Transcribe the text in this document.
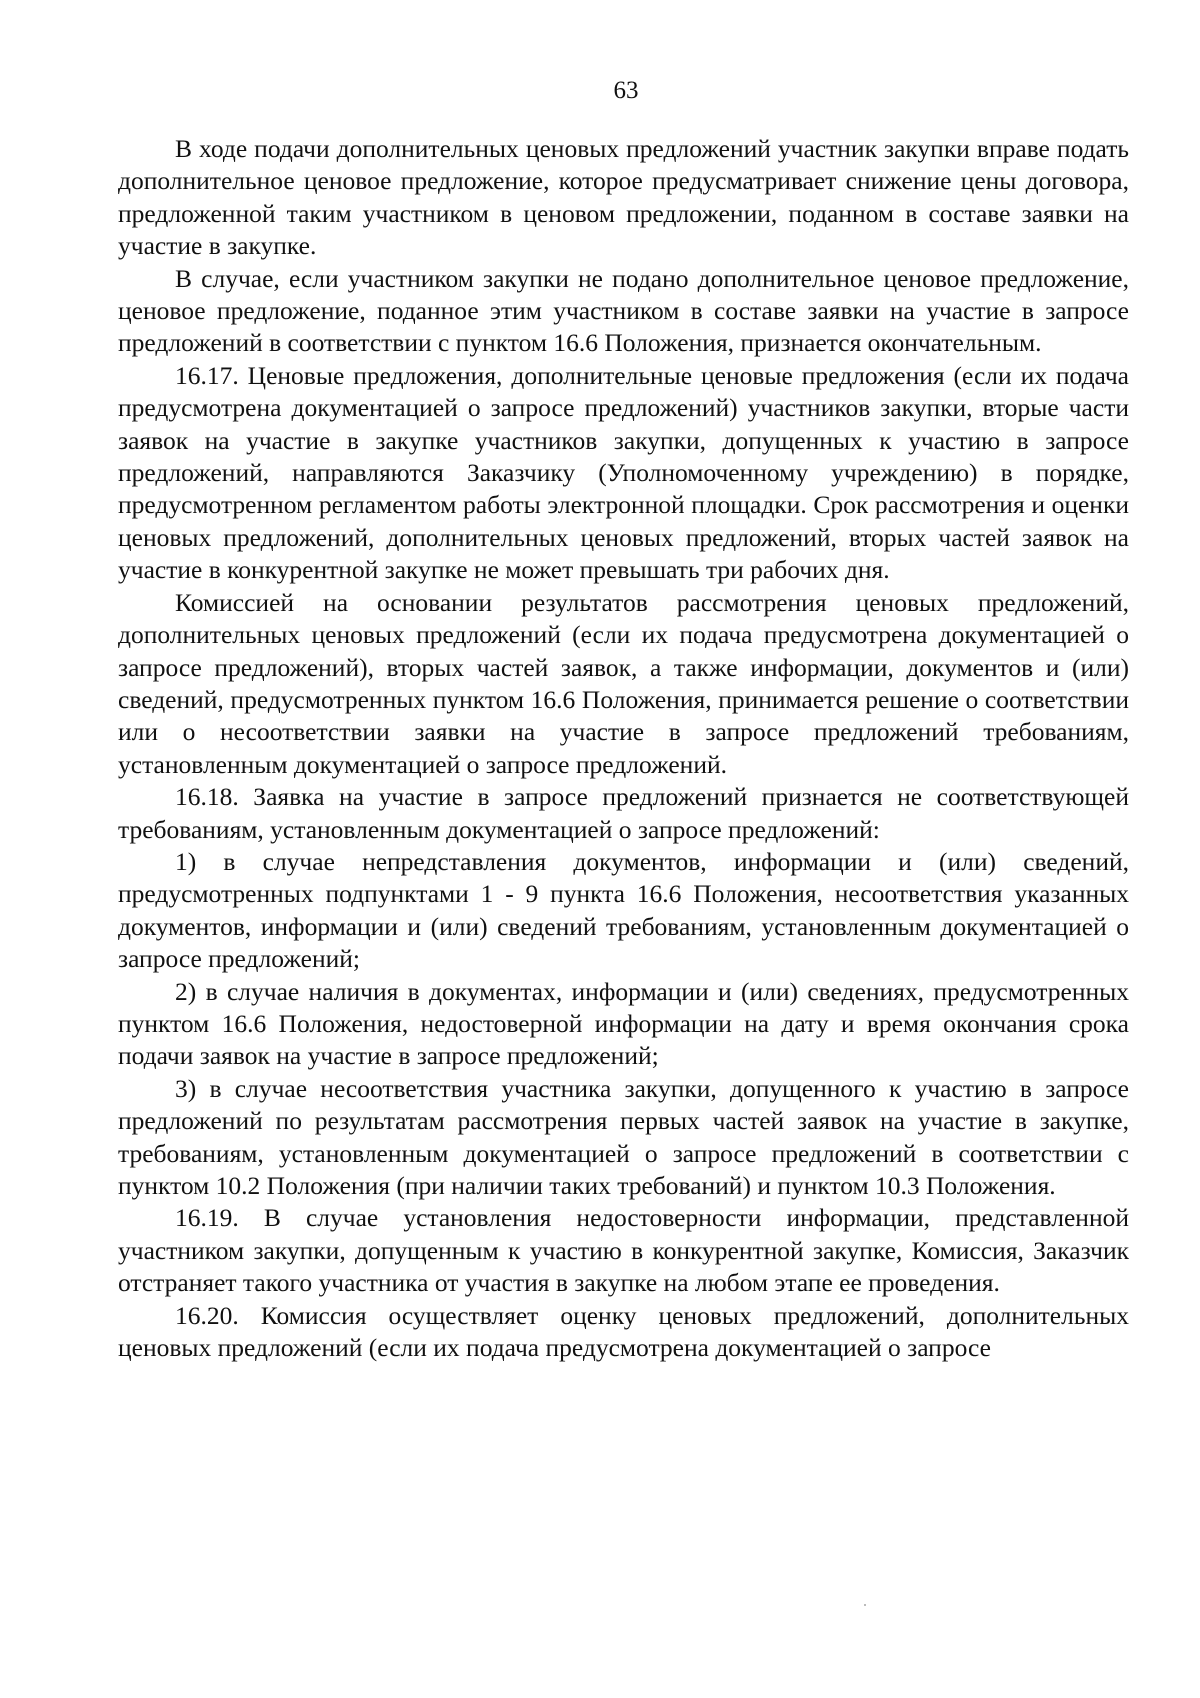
63

В ходе подачи дополнительных ценовых предложений участник закупки вправе подать дополнительное ценовое предложение, которое предусматривает снижение цены договора, предложенной таким участником в ценовом предложении, поданном в составе заявки на участие в закупке.

В случае, если участником закупки не подано дополнительное ценовое предложение, ценовое предложение, поданное этим участником в составе заявки на участие в запросе предложений в соответствии с пунктом 16.6 Положения, признается окончательным.

16.17. Ценовые предложения, дополнительные ценовые предложения (если их подача предусмотрена документацией о запросе предложений) участников закупки, вторые части заявок на участие в закупке участников закупки, допущенных к участию в запросе предложений, направляются Заказчику (Уполномоченному учреждению) в порядке, предусмотренном регламентом работы электронной площадки. Срок рассмотрения и оценки ценовых предложений, дополнительных ценовых предложений, вторых частей заявок на участие в конкурентной закупке не может превышать три рабочих дня.

Комиссией на основании результатов рассмотрения ценовых предложений, дополнительных ценовых предложений (если их подача предусмотрена документацией о запросе предложений), вторых частей заявок, а также информации, документов и (или) сведений, предусмотренных пунктом 16.6 Положения, принимается решение о соответствии или о несоответствии заявки на участие в запросе предложений требованиям, установленным документацией о запросе предложений.

16.18. Заявка на участие в запросе предложений признается не соответствующей требованиям, установленным документацией о запросе предложений:

1) в случае непредставления документов, информации и (или) сведений, предусмотренных подпунктами 1 - 9 пункта 16.6 Положения, несоответствия указанных документов, информации и (или) сведений требованиям, установленным документацией о запросе предложений;

2) в случае наличия в документах, информации и (или) сведениях, предусмотренных пунктом 16.6 Положения, недостоверной информации на дату и время окончания срока подачи заявок на участие в запросе предложений;

3) в случае несоответствия участника закупки, допущенного к участию в запросе предложений по результатам рассмотрения первых частей заявок на участие в закупке, требованиям, установленным документацией о запросе предложений в соответствии с пунктом 10.2 Положения (при наличии таких требований) и пунктом 10.3 Положения.

16.19. В случае установления недостоверности информации, представленной участником закупки, допущенным к участию в конкурентной закупке, Комиссия, Заказчик отстраняет такого участника от участия в закупке на любом этапе ее проведения.

16.20. Комиссия осуществляет оценку ценовых предложений, дополнительных ценовых предложений (если их подача предусмотрена документацией о запросе
